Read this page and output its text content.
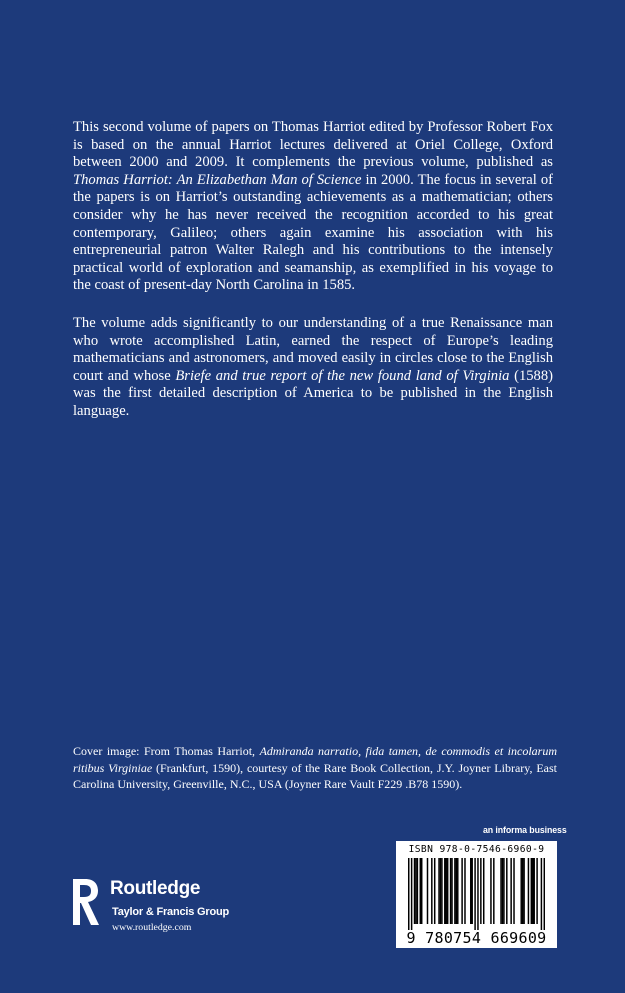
This second volume of papers on Thomas Harriot edited by Professor Robert Fox is based on the annual Harriot lectures delivered at Oriel College, Oxford between 2000 and 2009. It complements the previous volume, published as Thomas Harriot: An Elizabethan Man of Science in 2000. The focus in several of the papers is on Harriot’s outstanding achievements as a mathematician; others consider why he has never received the recognition accorded to his great contemporary, Galileo; others again examine his association with his entrepreneurial patron Walter Ralegh and his contributions to the intensely practical world of exploration and seamanship, as exemplified in his voyage to the coast of present-day North Carolina in 1585.

The volume adds significantly to our understanding of a true Renaissance man who wrote accomplished Latin, earned the respect of Europe’s leading mathematicians and astronomers, and moved easily in circles close to the English court and whose Briefe and true report of the new found land of Virginia (1588) was the first detailed description of America to be published in the English language.

Cover image: From Thomas Harriot, Admiranda narratio, fida tamen, de commodis et incolarum ritibus Virginiae (Frankfurt, 1590), courtesy of the Rare Book Collection, J.Y. Joyner Library, East Carolina University, Greenville, N.C., USA (Joyner Rare Vault F229 .B78 1590).

an informa business
Routledge
Taylor & Francis Group
www.routledge.com
ISBN 978-0-7546-6960-9
9 780754 669609
